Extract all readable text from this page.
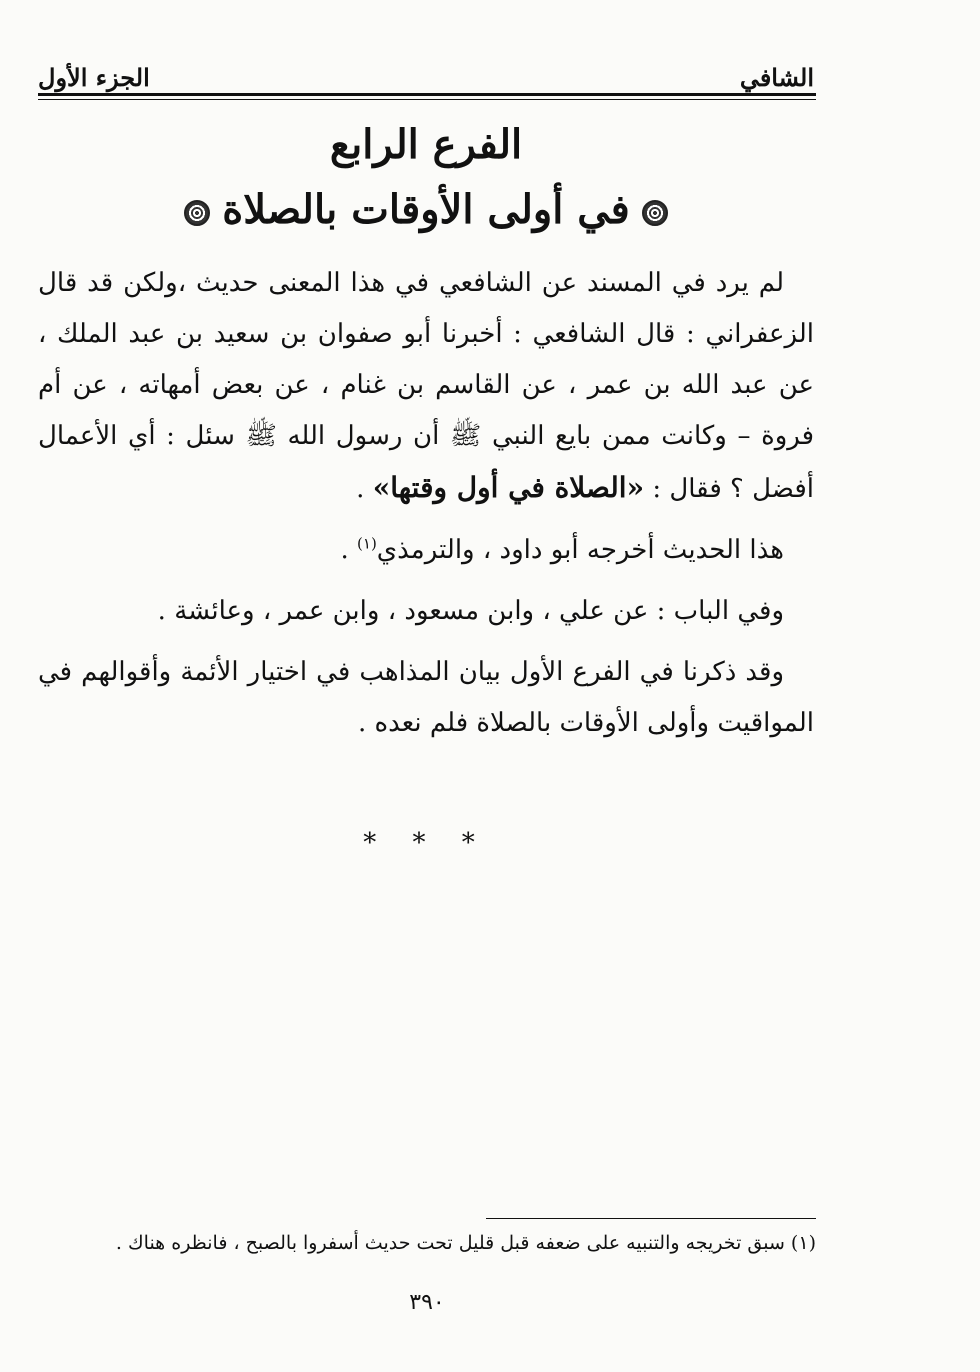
الشافي
الجزء الأول
الفرع الرابع
في أولى الأوقات بالصلاة

لم يرد في المسند عن الشافعي في هذا المعنى حديث ،ولكن قد قال الزعفراني : قال الشافعي : أخبرنا أبو صفوان بن سعيد بن عبد الملك ، عن عبد الله بن عمر ، عن القاسم بن غنام ، عن بعض أمهاته ، عن أم فروة – وكانت ممن بايع النبي ﷺ أن رسول الله ﷺ سئل : أي الأعمال أفضل ؟ فقال : «الصلاة في أول وقتها» .

هذا الحديث أخرجه أبو داود ، والترمذي$^{(١)}$ .

وفي الباب : عن علي ، وابن مسعود ، وابن عمر ، وعائشة .

وقد ذكرنا في الفرع الأول بيان المذاهب في اختيار الأئمة وأقوالهم في المواقيت وأولى الأوقات بالصلاة فلم نعده .

* * *
(١) سبق تخريجه والتنبيه على ضعفه قبل قليل تحت حديث أسفروا بالصبح ، فانظره هناك .
٣٩٠
